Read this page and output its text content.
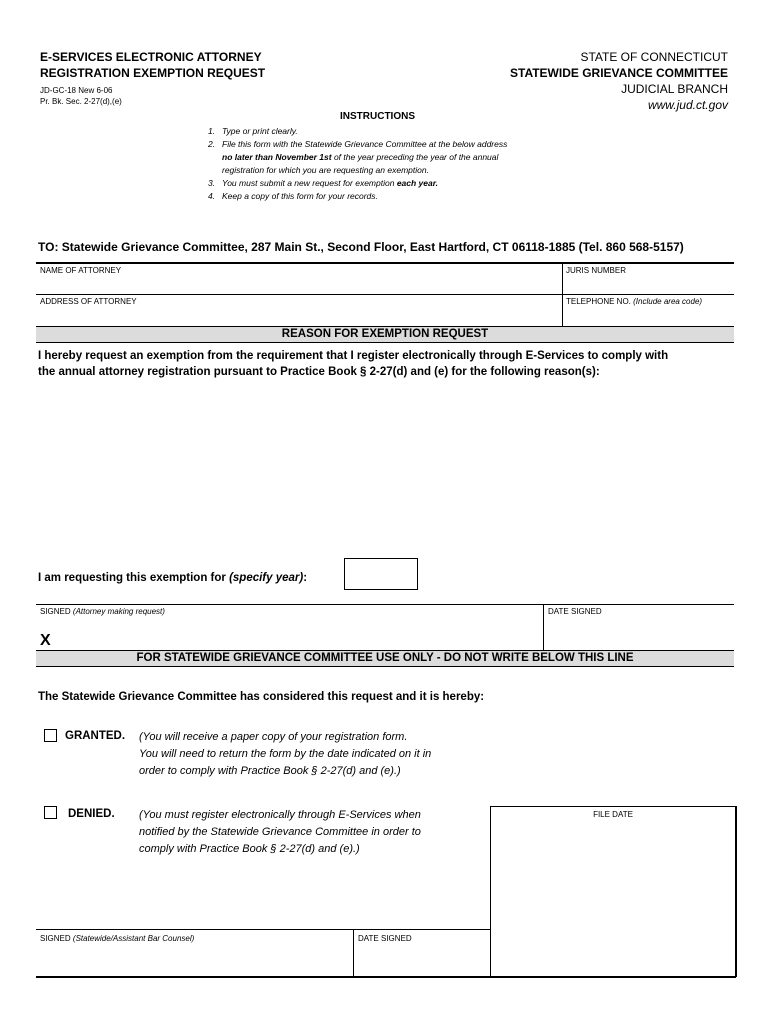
E-SERVICES ELECTRONIC ATTORNEY
REGISTRATION EXEMPTION REQUEST
JD-GC-18 New 6-06
Pr. Bk. Sec. 2-27(d),(e)
STATE OF CONNECTICUT
STATEWIDE GRIEVANCE COMMITTEE
JUDICIAL BRANCH
www.jud.ct.gov
INSTRUCTIONS
1. Type or print clearly.
2. File this form with the Statewide Grievance Committee at the below address
no later than November 1st of the year preceding the year of the annual
registration for which you are requesting an exemption.
3. You must submit a new request for exemption each year.
4. Keep a copy of this form for your records.
TO: Statewide Grievance Committee, 287 Main St., Second Floor, East Hartford, CT 06118-1885 (Tel. 860 568-5157)
NAME OF ATTORNEY	JURIS NUMBER
ADDRESS OF ATTORNEY	TELEPHONE NO. (Include area code)
REASON FOR EXEMPTION REQUEST
I hereby request an exemption from the requirement that I register electronically through E-Services to comply with
the annual attorney registration pursuant to Practice Book § 2-27(d) and (e) for the following reason(s):
I am requesting this exemption for (specify year):
SIGNED (Attorney making request)	DATE SIGNED
X
FOR STATEWIDE GRIEVANCE COMMITTEE USE ONLY - DO NOT WRITE BELOW THIS LINE
The Statewide Grievance Committee has considered this request and it is hereby:
GRANTED. (You will receive a paper copy of your registration form.
You will need to return the form by the date indicated on it in
order to comply with Practice Book § 2-27(d) and (e).)
DENIED. (You must register electronically through E-Services when
notified by the Statewide Grievance Committee in order to
comply with Practice Book § 2-27(d) and (e).)
FILE DATE
SIGNED (Statewide/Assistant Bar Counsel)	DATE SIGNED
